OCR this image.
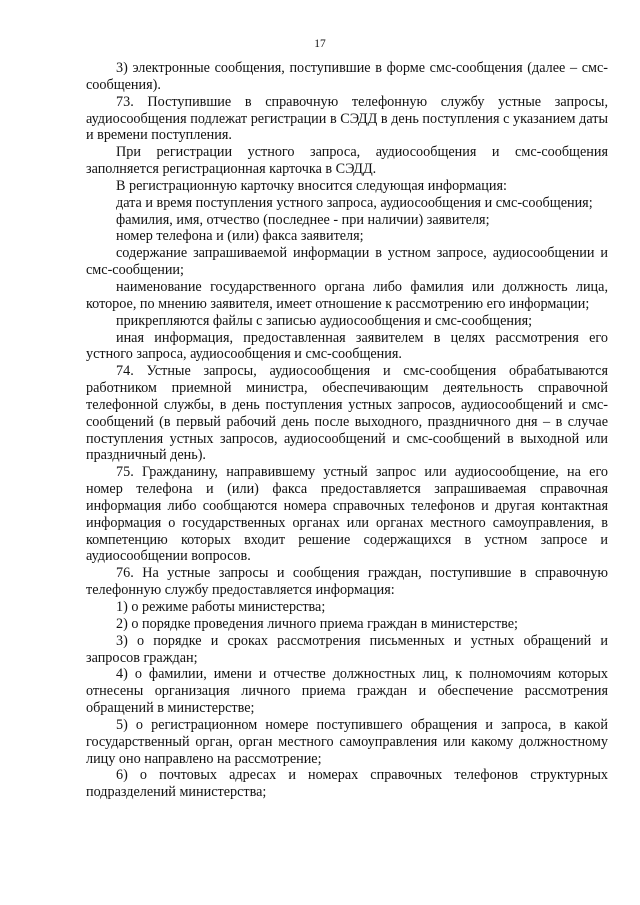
17

3) электронные сообщения, поступившие в форме смс-сообщения (далее – смс-сообщения).

73. Поступившие в справочную телефонную службу устные запросы, аудиосообщения подлежат регистрации в СЭДД в день поступления с указанием даты и времени поступления.

При регистрации устного запроса, аудиосообщения и смс-сообщения заполняется регистрационная карточка в СЭДД.

В регистрационную карточку вносится следующая информация:

дата и время поступления устного запроса, аудиосообщения и смс-сообщения;

фамилия, имя, отчество (последнее - при наличии) заявителя;

номер телефона и (или) факса заявителя;

содержание запрашиваемой информации в устном запросе, аудиосообщении и смс-сообщении;

наименование государственного органа либо фамилия или должность лица, которое, по мнению заявителя, имеет отношение к рассмотрению его информации;

прикрепляются файлы с записью аудиосообщения и смс-сообщения;

иная информация, предоставленная заявителем в целях рассмотрения его устного запроса, аудиосообщения и смс-сообщения.

74. Устные запросы, аудиосообщения и смс-сообщения обрабатываются работником приемной министра, обеспечивающим деятельность справочной телефонной службы, в день поступления устных запросов, аудиосообщений и смс-сообщений (в первый рабочий день после выходного, праздничного дня – в случае поступления устных запросов, аудиосообщений и смс-сообщений в выходной или праздничный день).

75. Гражданину, направившему устный запрос или аудиосообщение, на его номер телефона и (или) факса предоставляется запрашиваемая справочная информация либо сообщаются номера справочных телефонов и другая контактная информация о государственных органах или органах местного самоуправления, в компетенцию которых входит решение содержащихся в устном запросе и аудиосообщении вопросов.

76. На устные запросы и сообщения граждан, поступившие в справочную телефонную службу предоставляется информация:

1) о режиме работы министерства;

2) о порядке проведения личного приема граждан в министерстве;

3) о порядке и сроках рассмотрения письменных и устных обращений и запросов граждан;

4) о фамилии, имени и отчестве должностных лиц, к полномочиям которых отнесены организация личного приема граждан и обеспечение рассмотрения обращений в министерстве;

5) о регистрационном номере поступившего обращения и запроса, в какой государственный орган, орган местного самоуправления или какому должностному лицу оно направлено на рассмотрение;

6) о почтовых адресах и номерах справочных телефонов структурных подразделений министерства;
